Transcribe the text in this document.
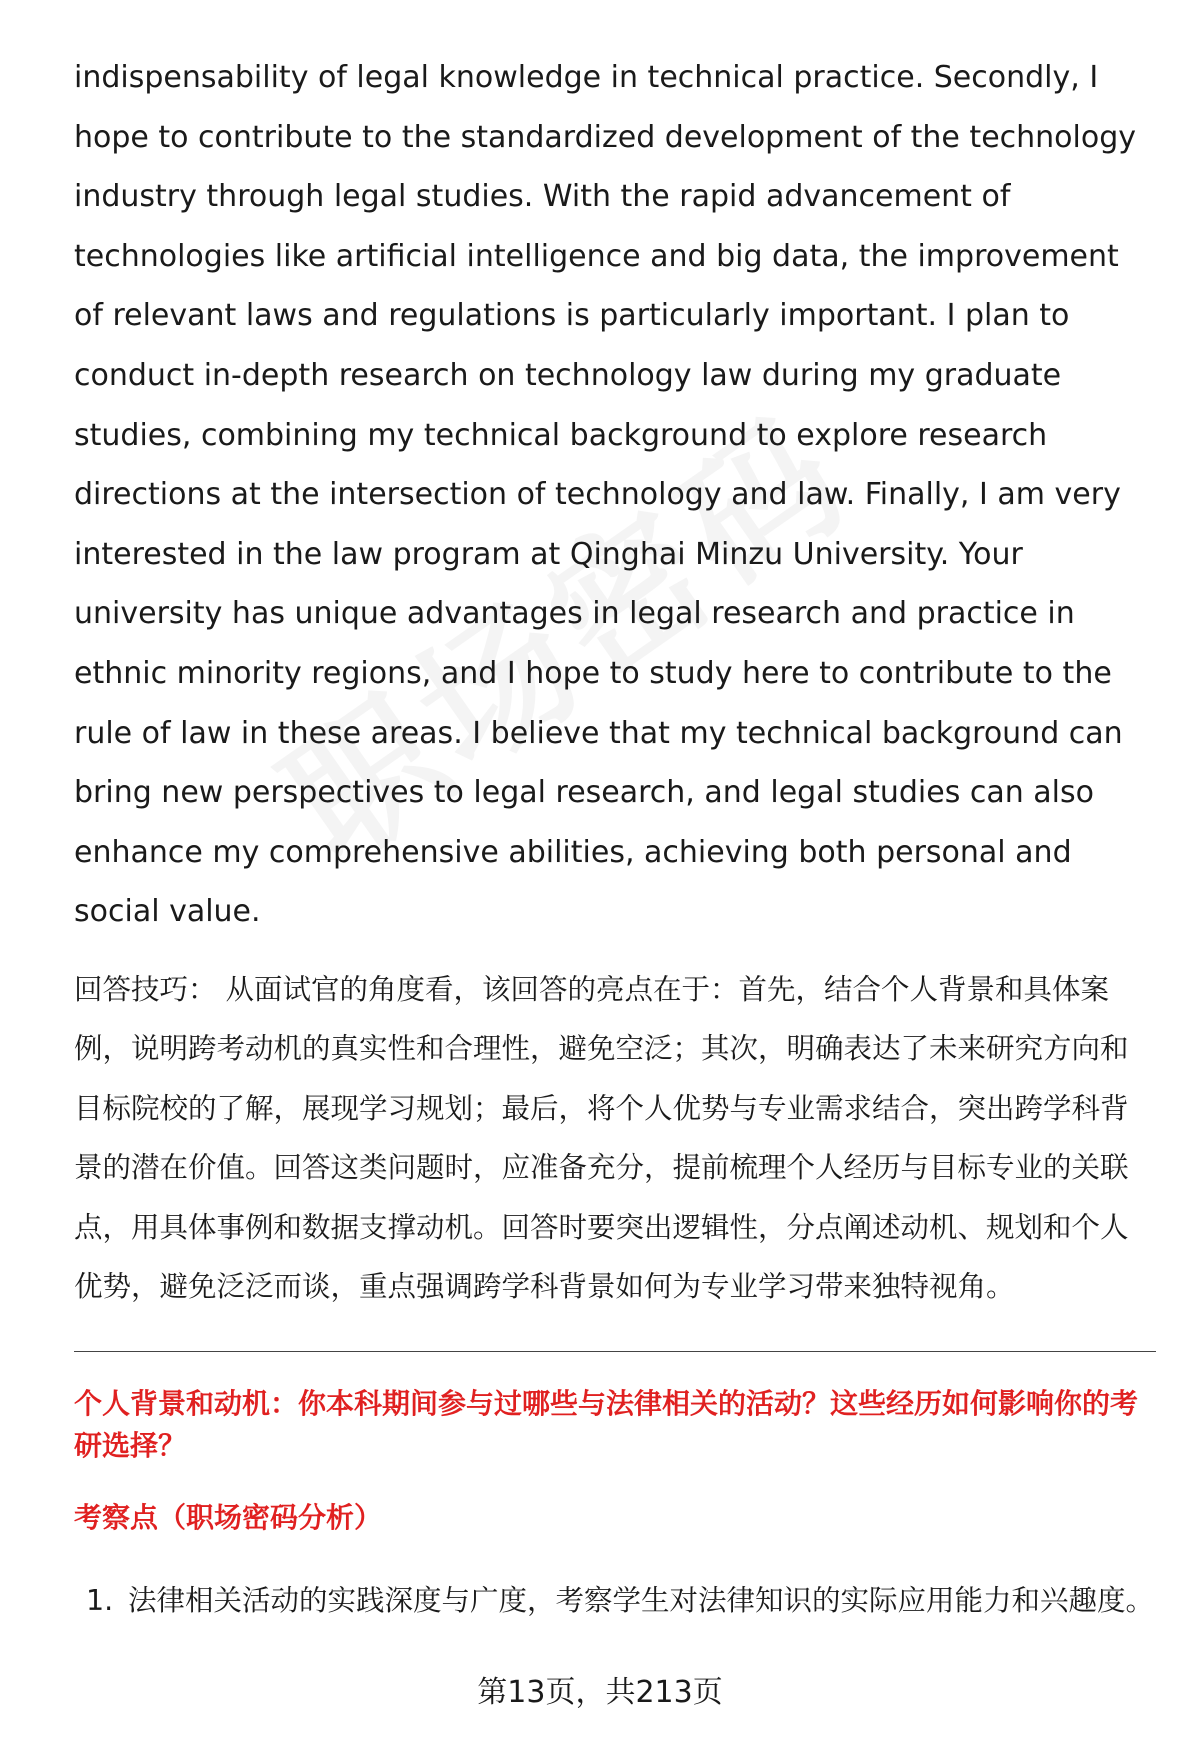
indispensability of legal knowledge in technical practice. Secondly, I hope to contribute to the standardized development of the technology industry through legal studies. With the rapid advancement of technologies like artificial intelligence and big data, the improvement of relevant laws and regulations is particularly important. I plan to conduct in-depth research on technology law during my graduate studies, combining my technical background to explore research directions at the intersection of technology and law. Finally, I am very interested in the law program at Qinghai Minzu University. Your university has unique advantages in legal research and practice in ethnic minority regions, and I hope to study here to contribute to the rule of law in these areas. I believe that my technical background can bring new perspectives to legal research, and legal studies can also enhance my comprehensive abilities, achieving both personal and social value.

回答技巧： 从面试官的角度看，该回答的亮点在于：首先，结合个人背景和具体案例，说明跨考动机的真实性和合理性，避免空泛；其次，明确表达了未来研究方向和目标院校的了解，展现学习规划；最后，将个人优势与专业需求结合，突出跨学科背景的潜在价值。回答这类问题时，应准备充分，提前梳理个人经历与目标专业的关联点，用具体事例和数据支撑动机。回答时要突出逻辑性，分点阐述动机、规划和个人优势，避免泛泛而谈，重点强调跨学科背景如何为专业学习带来独特视角。

个人背景和动机：你本科期间参与过哪些与法律相关的活动？这些经历如何影响你的考研选择？

考察点（职场密码分析）

1. 法律相关活动的实践深度与广度，考察学生对法律知识的实际应用能力和兴趣度。
第13页，共213页
